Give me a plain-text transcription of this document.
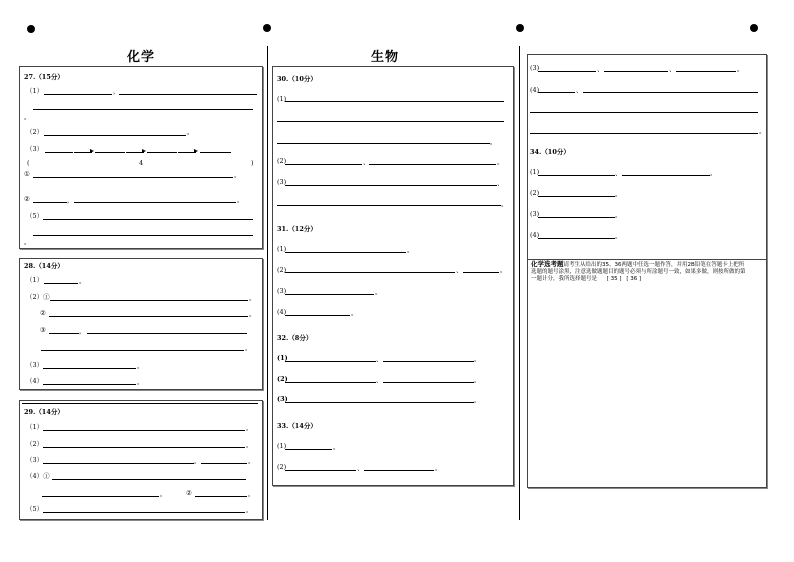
化学	生物
27.（15分）
（1）	，
。
（2）	。
（3）
(	4	)
①	。
②	，	。
（5）
。
28.（14分）
（1）	。
（2）①	。
②	。
③	，
。
（3）	。
（4）	。
29.（14分）
（1）	。
（2）	。
（3）	。	。
（4）①
。	②	。
（5）	。
30.（10分）
(1)
。
(2)	、	。
(3)	、
。
31.（12分）
(1)	。
(2)	、	。
(3)	。
(4)	。
32.（8分）
(1)	、	。
(2)	、	。
(3)	。
33.（14分）
(1)	。
(2)	、	。
(3)	、	、	。
(4)	、
。
34.（10分）
(1)	、	。
(2)	。
(3)	。
(4)	。
化学选考题请考生从给出的35、36两题中任选一题作答，并用2B铅笔在答题卡上把所
选题的题号涂黑，注意选做题题目的题号必须与所涂题号一致，如果多做，则按所做的第
一题计分，我所选择题号是 [ 35 ] [ 36 ]
